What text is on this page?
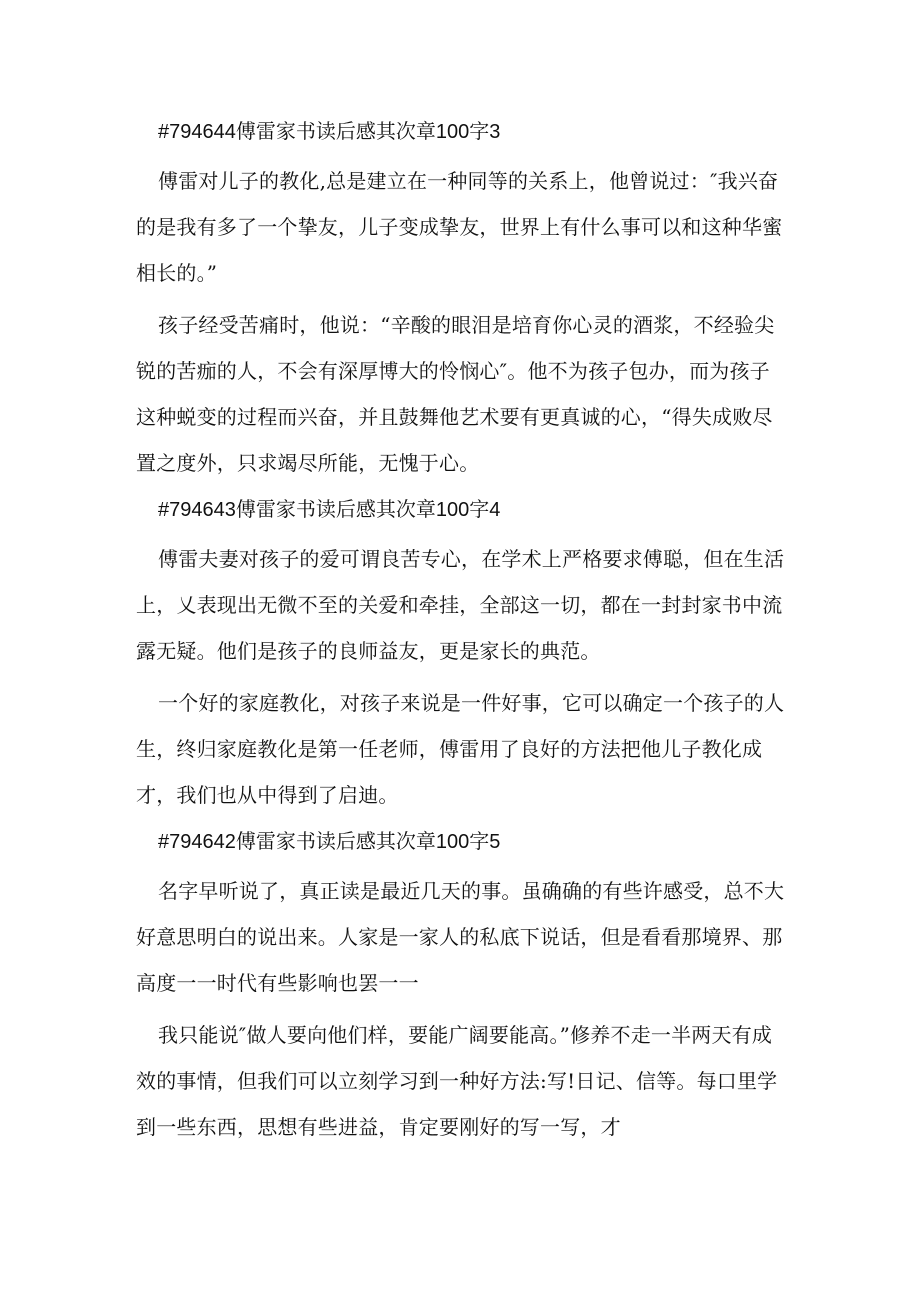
#794644傅雷家书读后感其次章100字3

傅雷对儿子的教化,总是建立在一种同等的关系上，他曾说过：″我兴奋的是我有多了一个挚友，儿子变成挚友，世界上有什么事可以和这种华蜜相长的。”

孩子经受苦痛时，他说：“辛酸的眼泪是培育你心灵的酒浆，不经验尖锐的苦痂的人，不会有深厚博大的怜悯心″。他不为孩子包办，而为孩子这种蜕变的过程而兴奋，并且鼓舞他艺术要有更真诚的心，“得失成败尽置之度外，只求竭尽所能，无愧于心。

#794643傅雷家书读后感其次章100字4

傅雷夫妻对孩子的爱可谓良苦专心，在学术上严格要求傅聪，但在生活上，乂表现出无微不至的关爱和牵挂，全部这一切，都在一封封家书中流露无疑。他们是孩子的良师益友，更是家长的典范。

一个好的家庭教化，对孩子来说是一件好事，它可以确定一个孩子的人生，终归家庭教化是第一任老师，傅雷用了良好的方法把他儿子教化成才，我们也从中得到了启迪。

#794642傅雷家书读后感其次章100字5

名字早听说了，真正读是最近几天的事。虽确确的有些许感受，总不大好意思明白的说出来。人家是一家人的私底下说话，但是看看那境界、那高度一一时代有些影响也罢一一

我只能说″做人要向他们样，要能广阔要能高。”修养不走一半两天有成效的事情，但我们可以立刻学习到一种好方法:写!日记、信等。每口里学到一些东西，思想有些进益，肯定要刚好的写一写，才
